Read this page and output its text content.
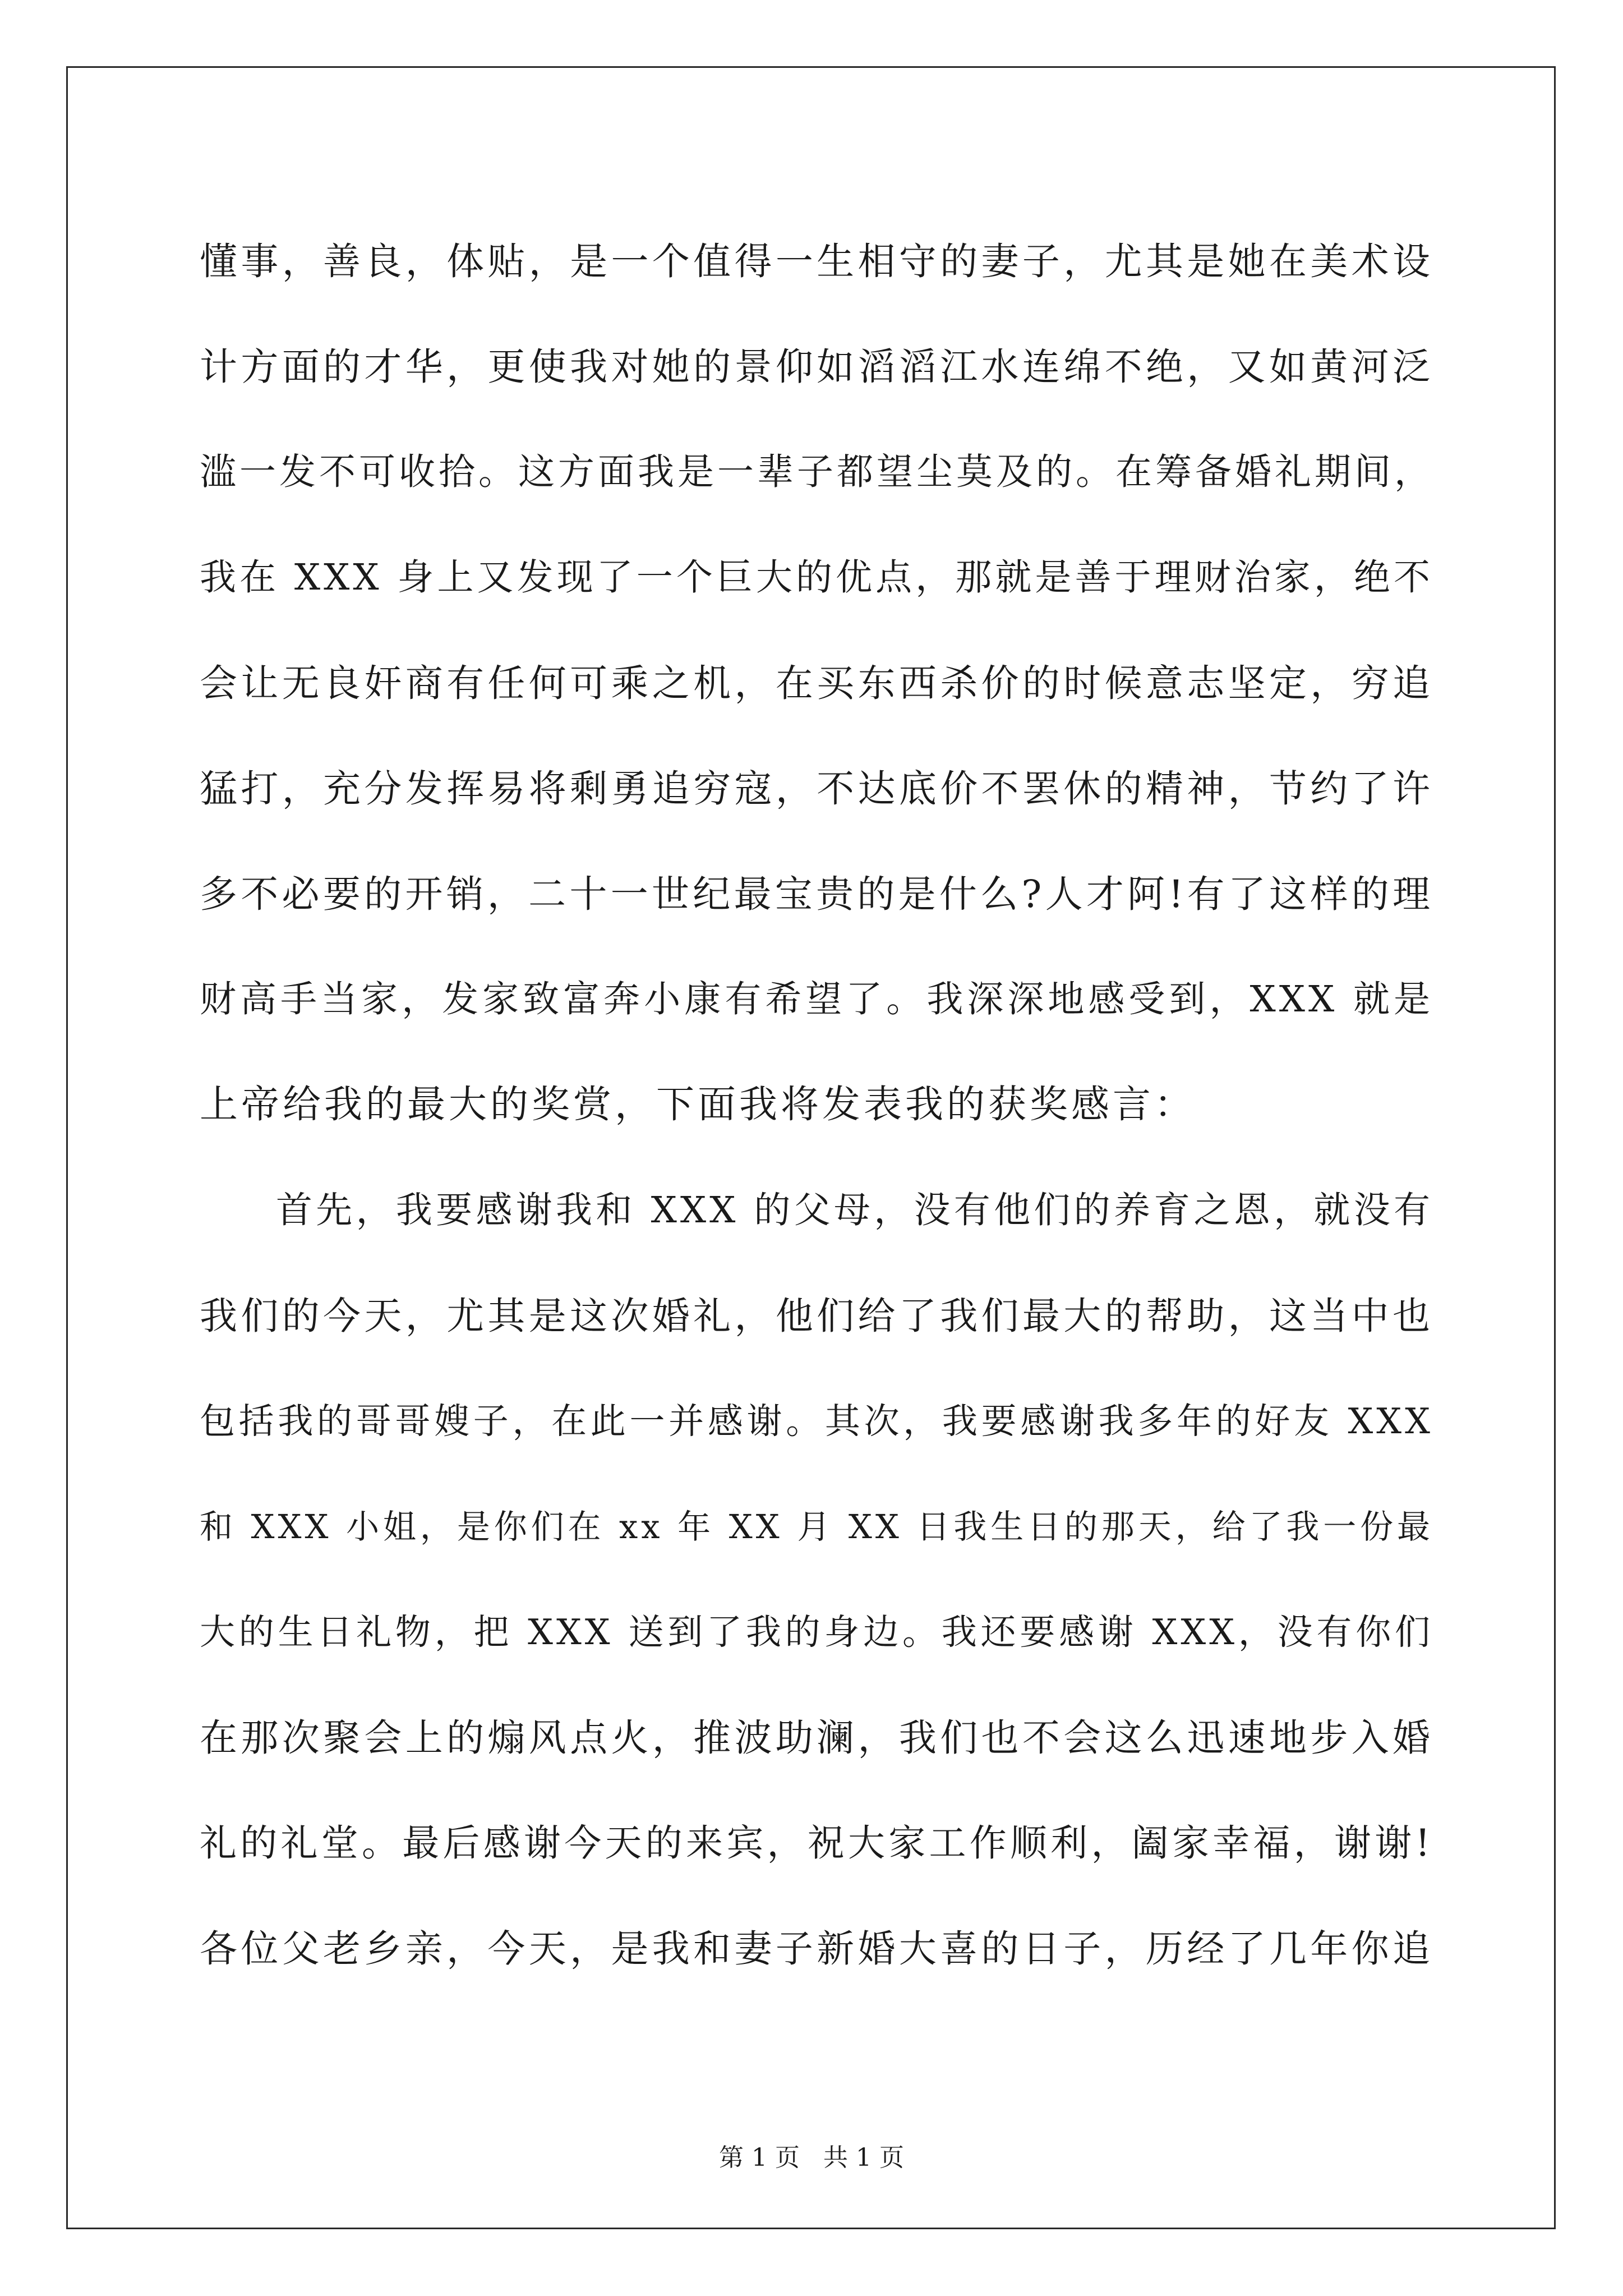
懂事，善良，体贴，是一个值得一生相守的妻子，尤其是她在美术设
计方面的才华，更使我对她的景仰如滔滔江水连绵不绝，又如黄河泛
滥一发不可收拾。这方面我是一辈子都望尘莫及的。在筹备婚礼期间，
我在 XXX 身上又发现了一个巨大的优点，那就是善于理财治家，绝不
会让无良奸商有任何可乘之机，在买东西杀价的时候意志坚定，穷追
猛打，充分发挥易将剩勇追穷寇，不达底价不罢休的精神，节约了许
多不必要的开销，二十一世纪最宝贵的是什么?人才阿!有了这样的理
财高手当家，发家致富奔小康有希望了。我深深地感受到，XXX 就是
上帝给我的最大的奖赏，下面我将发表我的获奖感言：
首先，我要感谢我和 XXX 的父母，没有他们的养育之恩，就没有
我们的今天，尤其是这次婚礼，他们给了我们最大的帮助，这当中也
包括我的哥哥嫂子，在此一并感谢。其次，我要感谢我多年的好友 XXX
和 XXX 小姐，是你们在 xx 年 XX 月 XX 日我生日的那天，给了我一份最
大的生日礼物，把 XXX 送到了我的身边。我还要感谢 XXX，没有你们
在那次聚会上的煽风点火，推波助澜，我们也不会这么迅速地步入婚
礼的礼堂。最后感谢今天的来宾，祝大家工作顺利，阖家幸福，谢谢!
各位父老乡亲，今天，是我和妻子新婚大喜的日子，历经了几年你追
第 1 页   共 1 页
